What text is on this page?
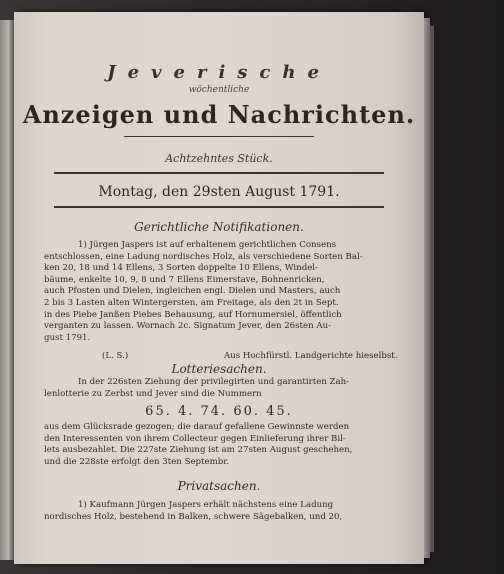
Jeverische
wöchentliche
Anzeigen und Nachrichten.
Achtzehntes Stück.
Montag, den 29sten August 1791.
Gerichtliche Notifikationen.
1) Jürgen Jaspers ist auf erhaltenem gerichtlichen Consens
entschlossen, eine Ladung nordisches Holz, als verschiedene Sorten Bal-
ken 20, 18 und 14 Ellens, 3 Sorten doppelte 10 Ellens, Windel-
bäume, enkelte 10, 9, 8 und 7 Ellens Eimerstave, Bohnenricken,
auch Pfosten und Dielen, ingleichen engl. Dielen und Masters, auch
2 bis 3 Lasten alten Wintergersten, am Freitage, als den 2t in Sept.
in des Piebe Janßen Piebes Behausung, auf Hornumersiel, öffentlich
verganten zu lassen. Wornach 2c. Signatum Jever, den 26sten Au-
gust 1791.
(L. S.)	Aus Hochfürstl. Landgerichte hieselbst.
Lotteriesachen.
In der 226sten Ziehung der privilegirten und garantirten Zah-
lenlotterie zu Zerbst und Jever sind die Nummern
65. 4. 74. 60. 45.
aus dem Glücksrade gezogen; die darauf gefallene Gewinnste werden
den Interessenten von ihrem Collecteur gegen Einlieferung ihrer Bil-
lets ausbezahlet. Die 227ste Ziehung ist am 27sten August geschehen,
und die 228ste erfolgt den 3ten Septembr.
Privatsachen.
1) Kaufmann Jürgen Jaspers erhält nächstens eine Ladung
nordisches Holz, bestehend in Balken, schwere Sägebalken, und 20,
